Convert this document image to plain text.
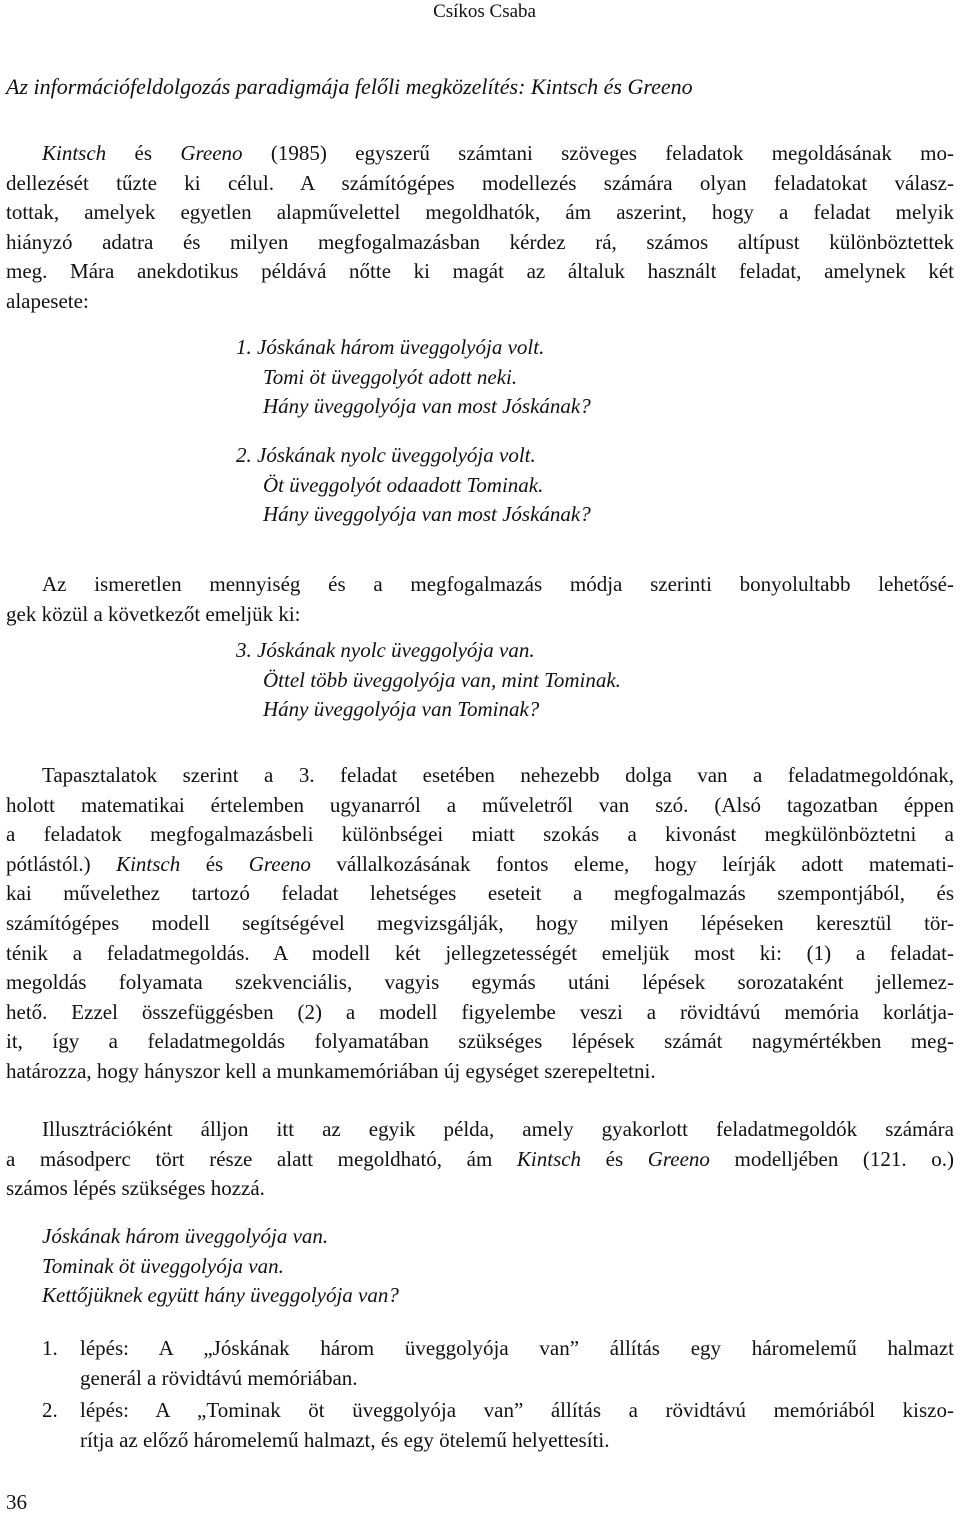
Csíkos Csaba
Az információfeldolgozás paradigmája felőli megközelítés: Kintsch és Greeno
Kintsch és Greeno (1985) egyszerű számtani szöveges feladatok megoldásának mo-
dellezését tűzte ki célul. A számítógépes modellezés számára olyan feladatokat válasz-
tottak, amelyek egyetlen alapművelettel megoldhatók, ám aszerint, hogy a feladat melyik
hiányzó adatra és milyen megfogalmazásban kérdez rá, számos altípust különböztettek
meg. Mára anekdotikus példává nőtte ki magát az általuk használt feladat, amelynek két
alapesete:
1. Jóskának három üveggolyója volt.
Tomi öt üveggolyót adott neki.
Hány üveggolyója van most Jóskának?
2. Jóskának nyolc üveggolyója volt.
Öt üveggolyót odaadott Tominak.
Hány üveggolyója van most Jóskának?
Az ismeretlen mennyiség és a megfogalmazás módja szerinti bonyolultabb lehetősé-
gek közül a következőt emeljük ki:
3. Jóskának nyolc üveggolyója van.
Öttel több üveggolyója van, mint Tominak.
Hány üveggolyója van Tominak?
Tapasztalatok szerint a 3. feladat esetében nehezebb dolga van a feladatmegoldónak,
holott matematikai értelemben ugyanarról a műveletről van szó. (Alsó tagozatban éppen
a feladatok megfogalmazásbeli különbségei miatt szokás a kivonást megkülönböztetni a
pótlástól.) Kintsch és Greeno vállalkozásának fontos eleme, hogy leírják adott matemati-
kai művelethez tartozó feladat lehetséges eseteit a megfogalmazás szempontjából, és
számítógépes modell segítségével megvizsgálják, hogy milyen lépéseken keresztül tör-
ténik a feladatmegoldás. A modell két jellegzetességét emeljük most ki: (1) a feladat-
megoldás folyamata szekvenciális, vagyis egymás utáni lépések sorozataként jellemez-
hető. Ezzel összefüggésben (2) a modell figyelembe veszi a rövidtávú memória korlátja-
it, így a feladatmegoldás folyamatában szükséges lépések számát nagymértékben meg-
határozza, hogy hányszor kell a munkamemóriában új egységet szerepeltetni.
Illusztrációként álljon itt az egyik példa, amely gyakorlott feladatmegoldók számára
a másodperc tört része alatt megoldható, ám Kintsch és Greeno modelljében (121. o.)
számos lépés szükséges hozzá.
Jóskának három üveggolyója van.
Tominak öt üveggolyója van.
Kettőjüknek együtt hány üveggolyója van?
1. lépés: A „Jóskának három üveggolyója van” állítás egy háromelemű halmazt
generál a rövidtávú memóriában.
2. lépés: A „Tominak öt üveggolyója van” állítás a rövidtávú memóriából kiszo-
rítja az előző háromelemű halmazt, és egy ötelemű helyettesíti.
36
